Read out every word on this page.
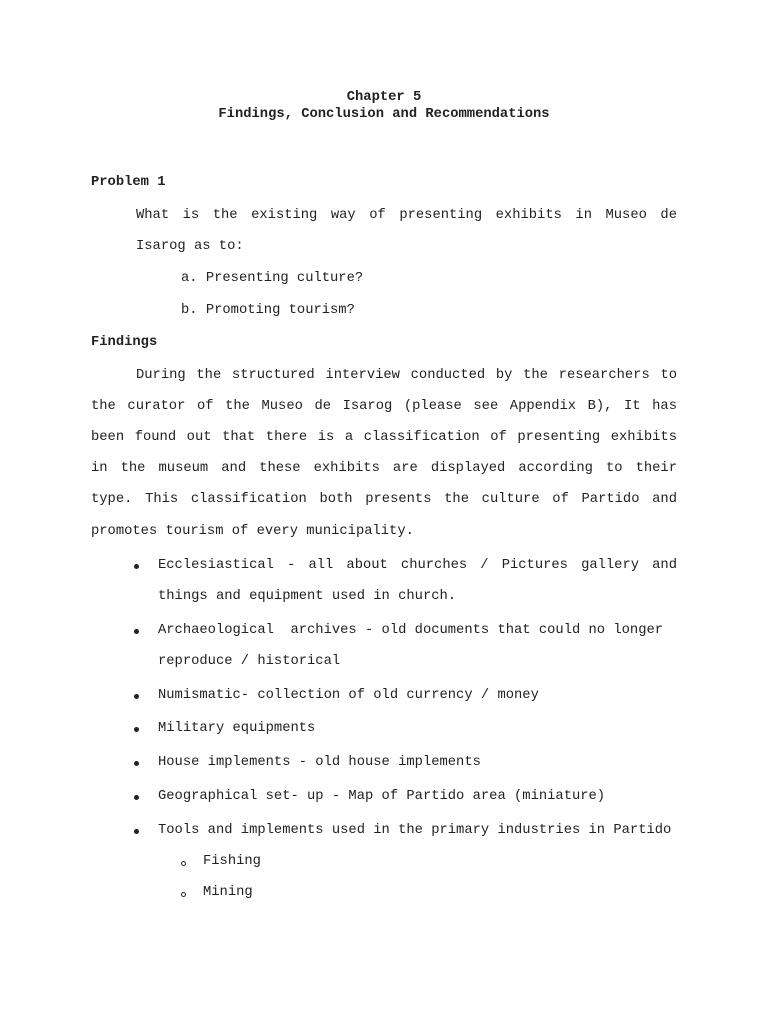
Chapter 5
Findings, Conclusion and Recommendations
Problem 1
What is the existing way of presenting exhibits in Museo de
Isarog as to:
a. Presenting culture?
b. Promoting tourism?
Findings
During the structured interview conducted by the researchers to
the curator of the Museo de Isarog (please see Appendix B), It has
been found out that there is a classification of presenting exhibits
in the museum and these exhibits are displayed according to their
type. This classification both presents the culture of Partido and
promotes tourism of every municipality.
Ecclesiastical - all about churches / Pictures gallery and
things and equipment used in church.
Archaeological  archives - old documents that could no longer
reproduce / historical
Numismatic- collection of old currency / money
Military equipments
House implements - old house implements
Geographical set- up - Map of Partido area (miniature)
Tools and implements used in the primary industries in Partido
Fishing
Mining
